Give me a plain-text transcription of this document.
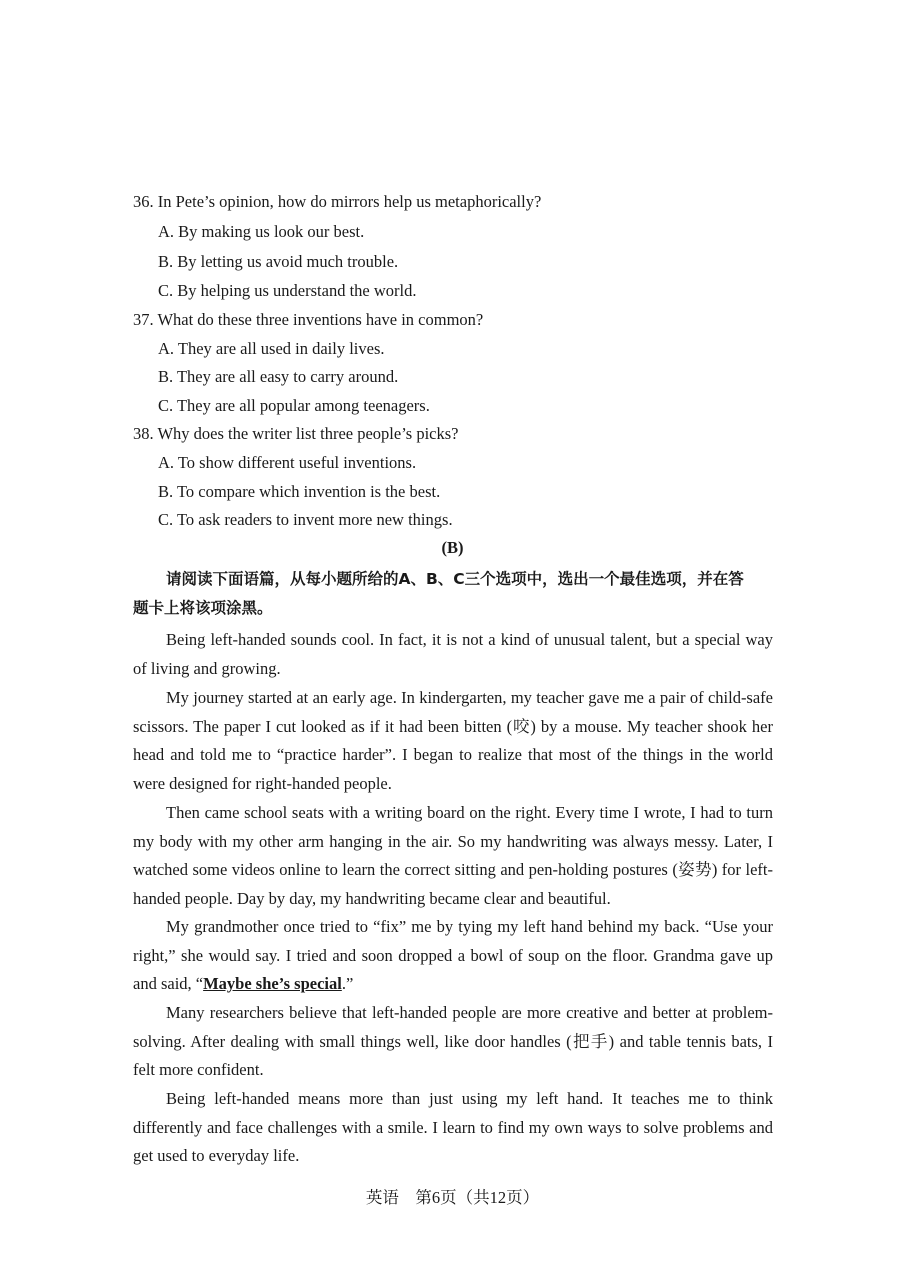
36. In Pete’s opinion, how do mirrors help us metaphorically?
A. By making us look our best.
B. By letting us avoid much trouble.
C. By helping us understand the world.
37. What do these three inventions have in common?
A. They are all used in daily lives.
B. They are all easy to carry around.
C. They are all popular among teenagers.
38. Why does the writer list three people’s picks?
A. To show different useful inventions.
B. To compare which invention is the best.
C. To ask readers to invent more new things.
(B)
请阅读下面语篇，从每小题所给的A、B、C三个选项中，选出一个最佳选项，并在答
题卡上将该项涂黑。

Being left-handed sounds cool. In fact, it is not a kind of unusual talent, but a special way of living and growing.

My journey started at an early age. In kindergarten, my teacher gave me a pair of child-safe scissors. The paper I cut looked as if it had been bitten (咬) by a mouse. My teacher shook her head and told me to “practice harder”. I began to realize that most of the things in the world were designed for right-handed people.

Then came school seats with a writing board on the right. Every time I wrote, I had to turn my body with my other arm hanging in the air. So my handwriting was always messy. Later, I watched some videos online to learn the correct sitting and pen-holding postures (姿势) for left-handed people. Day by day, my handwriting became clear and beautiful.

My grandmother once tried to “fix” me by tying my left hand behind my back. “Use your right,” she would say. I tried and soon dropped a bowl of soup on the floor. Grandma gave up and said, “Maybe she’s special.”

Many researchers believe that left-handed people are more creative and better at problem-solving. After dealing with small things well, like door handles (把手) and table tennis bats, I felt more confident.

Being left-handed means more than just using my left hand. It teaches me to think differently and face challenges with a smile. I learn to find my own ways to solve problems and get used to everyday life.

英语　第6页（共12页）
